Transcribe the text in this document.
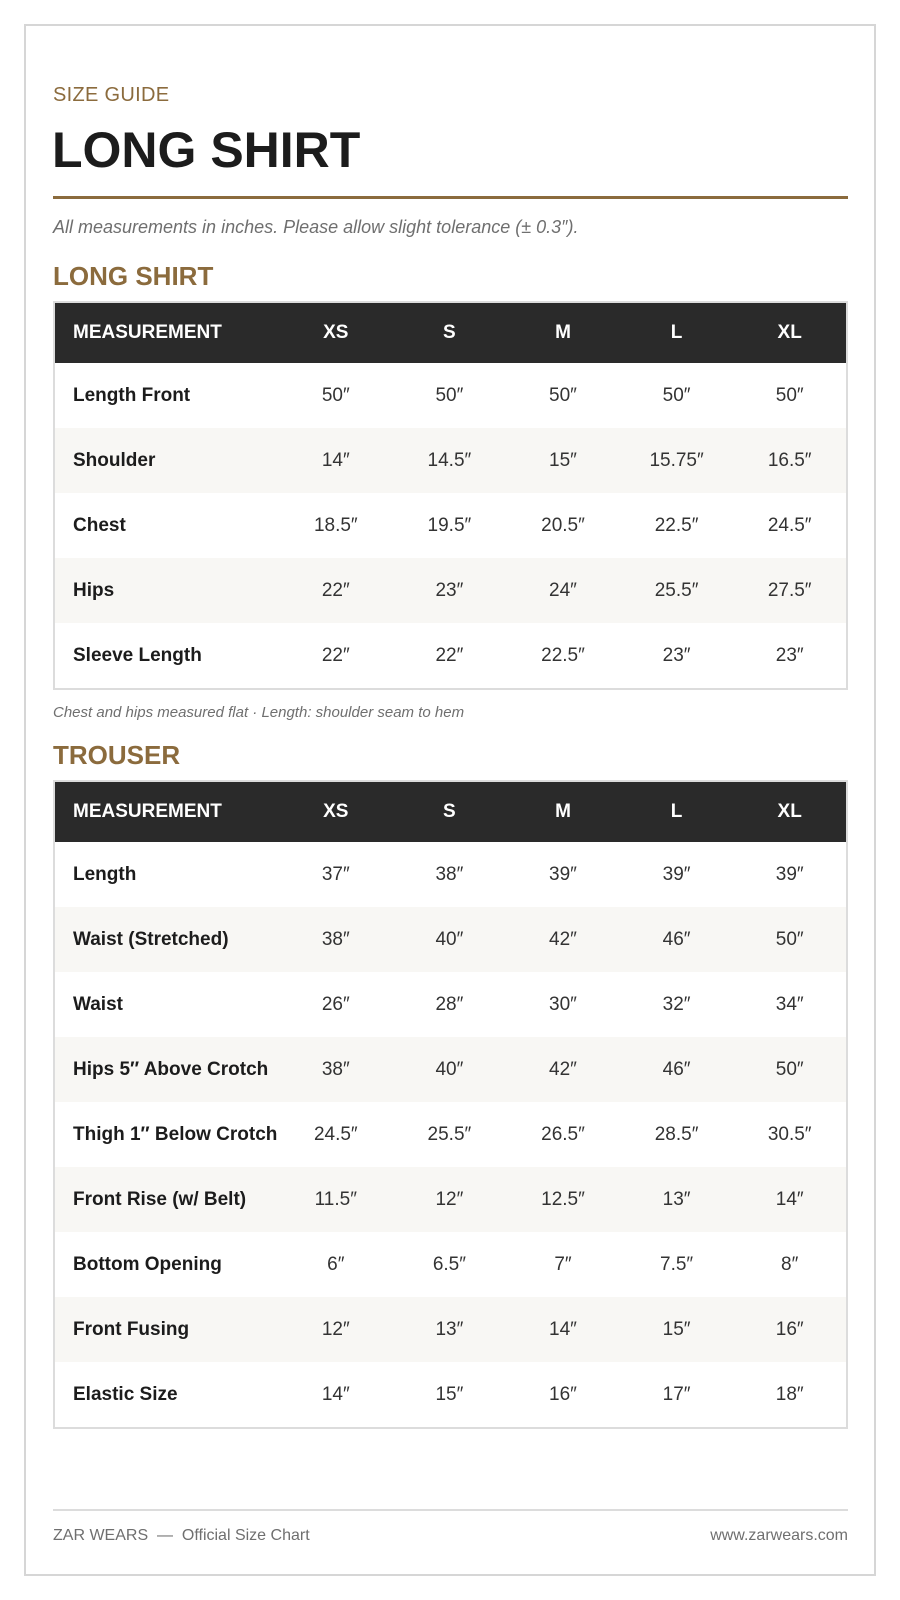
SIZE GUIDE
LONG SHIRT
All measurements in inches. Please allow slight tolerance (± 0.3″).
LONG SHIRT
MEASUREMENT	XS	S	M	L	XL
Length Front	50″	50″	50″	50″	50″
Shoulder	14″	14.5″	15″	15.75″	16.5″
Chest	18.5″	19.5″	20.5″	22.5″	24.5″
Hips	22″	23″	24″	25.5″	27.5″
Sleeve Length	22″	22″	22.5″	23″	23″
Chest and hips measured flat · Length: shoulder seam to hem
TROUSER
MEASUREMENT	XS	S	M	L	XL
Length	37″	38″	39″	39″	39″
Waist (Stretched)	38″	40″	42″	46″	50″
Waist	26″	28″	30″	32″	34″
Hips 5″ Above Crotch	38″	40″	42″	46″	50″
Thigh 1″ Below Crotch	24.5″	25.5″	26.5″	28.5″	30.5″
Front Rise (w/ Belt)	11.5″	12″	12.5″	13″	14″
Bottom Opening	6″	6.5″	7″	7.5″	8″
Front Fusing	12″	13″	14″	15″	16″
Elastic Size	14″	15″	16″	17″	18″
ZAR WEARS  —  Official Size Chart	www.zarwears.com
